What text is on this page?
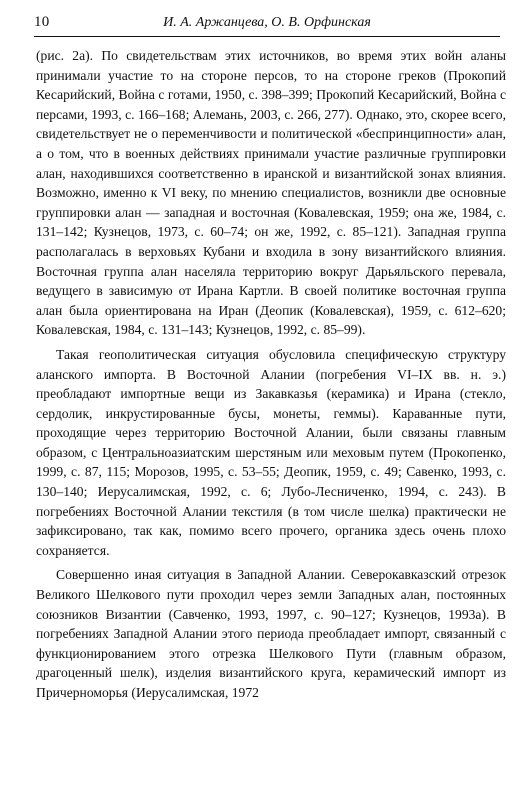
10	И. А. Аржанцева, О. В. Орфинская

(рис. 2а). По свидетельствам этих источников, во время этих войн аланы принимали участие то на стороне персов, то на стороне греков (Прокопий Кесарийский, Война с готами, 1950, с. 398–399; Прокопий Кесарийский, Война с персами, 1993, с. 166–168; Алемань, 2003, с. 266, 277). Однако, это, скорее всего, свидетельствует не о переменчивости и политической «беспринципности» алан, а о том, что в военных действиях принимали участие различные группировки алан, находившихся соответственно в иранской и византийской зонах влияния. Возможно, именно к VI веку, по мнению специалистов, возникли две основные группировки алан — западная и восточная (Ковалевская, 1959; она же, 1984, с. 131–142; Кузнецов, 1973, с. 60–74; он же, 1992, с. 85–121). Западная группа располагалась в верховьях Кубани и входила в зону византийского влияния. Восточная группа алан населяла территорию вокруг Дарьяльского перевала, ведущего в зависимую от Ирана Картли. В своей политике восточная группа алан была ориентирована на Иран (Деопик (Ковалевская), 1959, с. 612–620; Ковалевская, 1984, с. 131–143; Кузнецов, 1992, с. 85–99).

Такая геополитическая ситуация обусловила специфическую структуру аланского импорта. В Восточной Алании (погребения VI–IX вв. н. э.) преобладают импортные вещи из Закавказья (керамика) и Ирана (стекло, сердолик, инкрустированные бусы, монеты, геммы). Караванные пути, проходящие через территорию Восточной Алании, были связаны главным образом, с Центральноазиатским шерстяным или меховым путем (Прокопенко, 1999, с. 87, 115; Морозов, 1995, с. 53–55; Деопик, 1959, с. 49; Савенко, 1993, с. 130–140; Иерусалимская, 1992, с. 6; Лубо-Лесниченко, 1994, с. 243). В погребениях Восточной Алании текстиля (в том числе шелка) практически не зафиксировано, так как, помимо всего прочего, органика здесь очень плохо сохраняется.

Совершенно иная ситуация в Западной Алании. Северокавказский отрезок Великого Шелкового пути проходил через земли Западных алан, постоянных союзников Византии (Савченко, 1993, 1997, с. 90–127; Кузнецов, 1993а). В погребениях Западной Алании этого периода преобладает импорт, связанный с функционированием этого отрезка Шелкового Пути (главным образом, драгоценный шелк), изделия византийского круга, керамический импорт из Причерноморья (Иерусалимская, 1972
